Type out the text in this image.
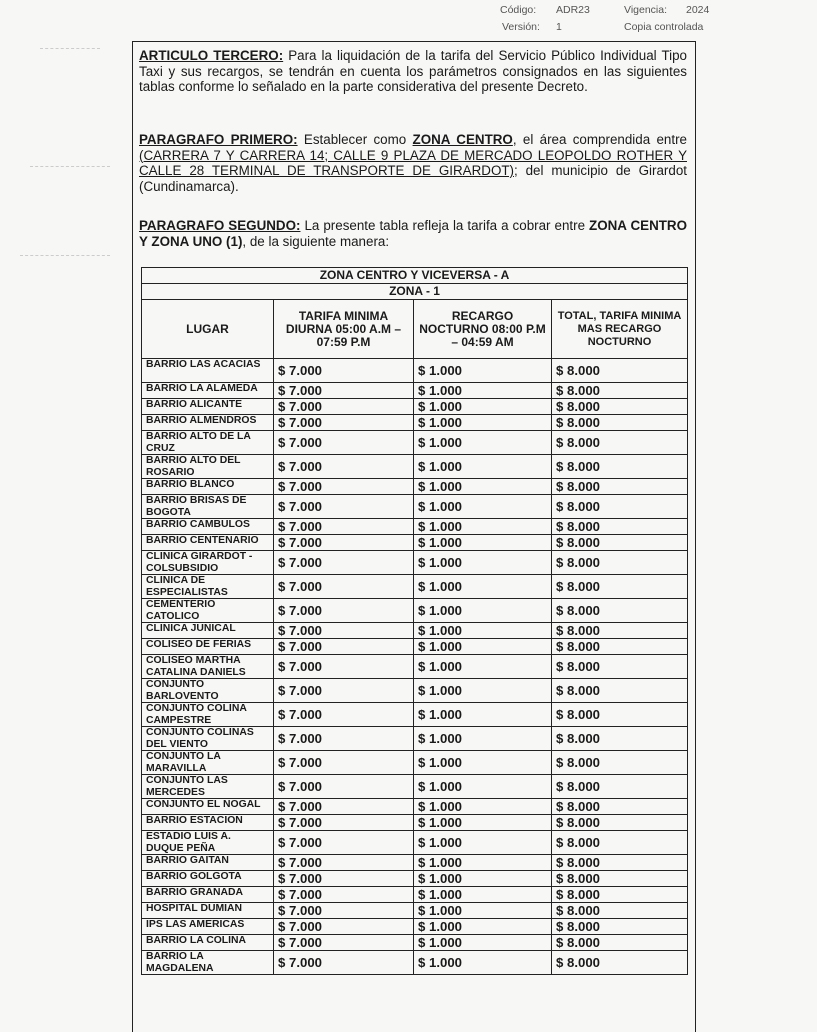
Código: ADR23	Vigencia: 2024
Versión: 1	Copia controlada
ARTICULO TERCERO: Para la liquidación de la tarifa del Servicio Público Individual Tipo Taxi y sus recargos, se tendrán en cuenta los parámetros consignados en las siguientes tablas conforme lo señalado en la parte considerativa del presente Decreto.
PARAGRAFO PRIMERO: Establecer como ZONA CENTRO, el área comprendida entre (CARRERA 7 Y CARRERA 14; CALLE 9 PLAZA DE MERCADO LEOPOLDO ROTHER Y CALLE 28 TERMINAL DE TRANSPORTE DE GIRARDOT); del municipio de Girardot (Cundinamarca).
PARAGRAFO SEGUNDO: La presente tabla refleja la tarifa a cobrar entre ZONA CENTRO Y ZONA UNO (1), de la siguiente manera:
ZONA CENTRO Y VICEVERSA - A			
ZONA - 1			
LUGAR	TARIFA MINIMA DIURNA 05:00 A.M – 07:59 P.M	RECARGO NOCTURNO 08:00 P.M – 04:59 AM	TOTAL, TARIFA MINIMA MAS RECARGO NOCTURNO
BARRIO LAS ACACIAS	$ 7.000	$ 1.000	$ 8.000
BARRIO LA ALAMEDA	$ 7.000	$ 1.000	$ 8.000
BARRIO ALICANTE	$ 7.000	$ 1.000	$ 8.000
BARRIO ALMENDROS	$ 7.000	$ 1.000	$ 8.000
BARRIO ALTO DE LA CRUZ	$ 7.000	$ 1.000	$ 8.000
BARRIO ALTO DEL ROSARIO	$ 7.000	$ 1.000	$ 8.000
BARRIO BLANCO	$ 7.000	$ 1.000	$ 8.000
BARRIO BRISAS DE BOGOTA	$ 7.000	$ 1.000	$ 8.000
BARRIO CAMBULOS	$ 7.000	$ 1.000	$ 8.000
BARRIO CENTENARIO	$ 7.000	$ 1.000	$ 8.000
CLINICA GIRARDOT - COLSUBSIDIO	$ 7.000	$ 1.000	$ 8.000
CLINICA DE ESPECIALISTAS	$ 7.000	$ 1.000	$ 8.000
CEMENTERIO CATOLICO	$ 7.000	$ 1.000	$ 8.000
CLINICA JUNICAL	$ 7.000	$ 1.000	$ 8.000
COLISEO DE FERIAS	$ 7.000	$ 1.000	$ 8.000
COLISEO MARTHA CATALINA DANIELS	$ 7.000	$ 1.000	$ 8.000
CONJUNTO BARLOVENTO	$ 7.000	$ 1.000	$ 8.000
CONJUNTO COLINA CAMPESTRE	$ 7.000	$ 1.000	$ 8.000
CONJUNTO COLINAS DEL VIENTO	$ 7.000	$ 1.000	$ 8.000
CONJUNTO LA MARAVILLA	$ 7.000	$ 1.000	$ 8.000
CONJUNTO LAS MERCEDES	$ 7.000	$ 1.000	$ 8.000
CONJUNTO EL NOGAL	$ 7.000	$ 1.000	$ 8.000
BARRIO ESTACION	$ 7.000	$ 1.000	$ 8.000
ESTADIO LUIS A. DUQUE PEÑA	$ 7.000	$ 1.000	$ 8.000
BARRIO GAITAN	$ 7.000	$ 1.000	$ 8.000
BARRIO GOLGOTA	$ 7.000	$ 1.000	$ 8.000
BARRIO GRANADA	$ 7.000	$ 1.000	$ 8.000
HOSPITAL DUMIAN	$ 7.000	$ 1.000	$ 8.000
IPS LAS AMERICAS	$ 7.000	$ 1.000	$ 8.000
BARRIO LA COLINA	$ 7.000	$ 1.000	$ 8.000
BARRIO LA MAGDALENA	$ 7.000	$ 1.000	$ 8.000
